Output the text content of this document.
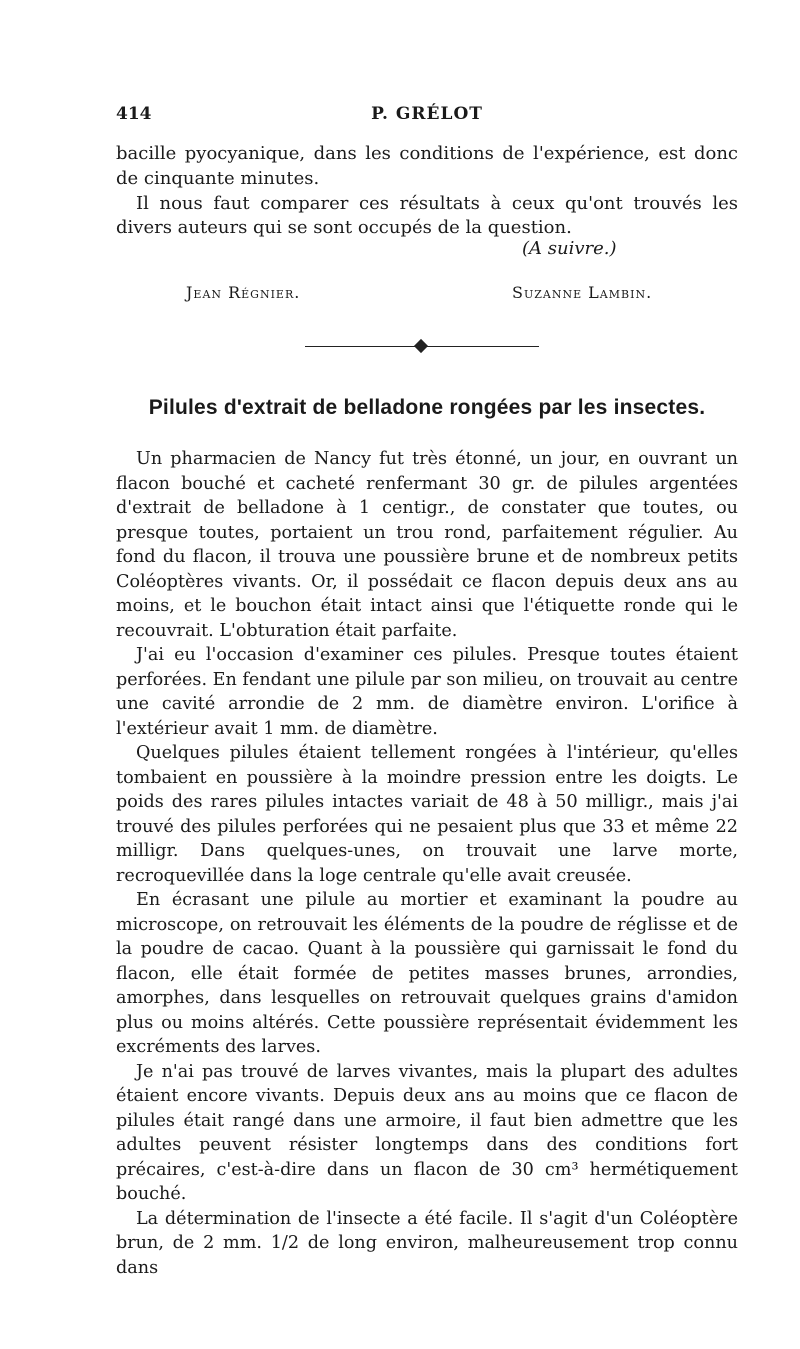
414	P. GRÉLOT

bacille pyocyanique, dans les conditions de l'expérience, est donc de cinquante minutes.

Il nous faut comparer ces résultats à ceux qu'ont trouvés les divers auteurs qui se sont occupés de la question.

(A suivre.)
Jean Régnier.	Suzanne Lambin.
Pilules d'extrait de belladone rongées par les insectes.

Un pharmacien de Nancy fut très étonné, un jour, en ouvrant un flacon bouché et cacheté renfermant 30 gr. de pilules argentées d'extrait de belladone à 1 centigr., de constater que toutes, ou presque toutes, portaient un trou rond, parfaitement régulier. Au fond du flacon, il trouva une poussière brune et de nombreux petits Coléoptères vivants. Or, il possédait ce flacon depuis deux ans au moins, et le bouchon était intact ainsi que l'étiquette ronde qui le recouvrait. L'obturation était parfaite.

J'ai eu l'occasion d'examiner ces pilules. Presque toutes étaient perforées. En fendant une pilule par son milieu, on trouvait au centre une cavité arrondie de 2 mm. de diamètre environ. L'orifice à l'extérieur avait 1 mm. de diamètre.

Quelques pilules étaient tellement rongées à l'intérieur, qu'elles tombaient en poussière à la moindre pression entre les doigts. Le poids des rares pilules intactes variait de 48 à 50 milligr., mais j'ai trouvé des pilules perforées qui ne pesaient plus que 33 et même 22 milligr. Dans quelques-unes, on trouvait une larve morte, recroquevillée dans la loge centrale qu'elle avait creusée.

En écrasant une pilule au mortier et examinant la poudre au microscope, on retrouvait les éléments de la poudre de réglisse et de la poudre de cacao. Quant à la poussière qui garnissait le fond du flacon, elle était formée de petites masses brunes, arrondies, amorphes, dans lesquelles on retrouvait quelques grains d'amidon plus ou moins altérés. Cette poussière représentait évidemment les excréments des larves.

Je n'ai pas trouvé de larves vivantes, mais la plupart des adultes étaient encore vivants. Depuis deux ans au moins que ce flacon de pilules était rangé dans une armoire, il faut bien admettre que les adultes peuvent résister longtemps dans des conditions fort précaires, c'est-à-dire dans un flacon de 30 cm³ hermétiquement bouché.

La détermination de l'insecte a été facile. Il s'agit d'un Coléoptère brun, de 2 mm. 1/2 de long environ, malheureusement trop connu dans
